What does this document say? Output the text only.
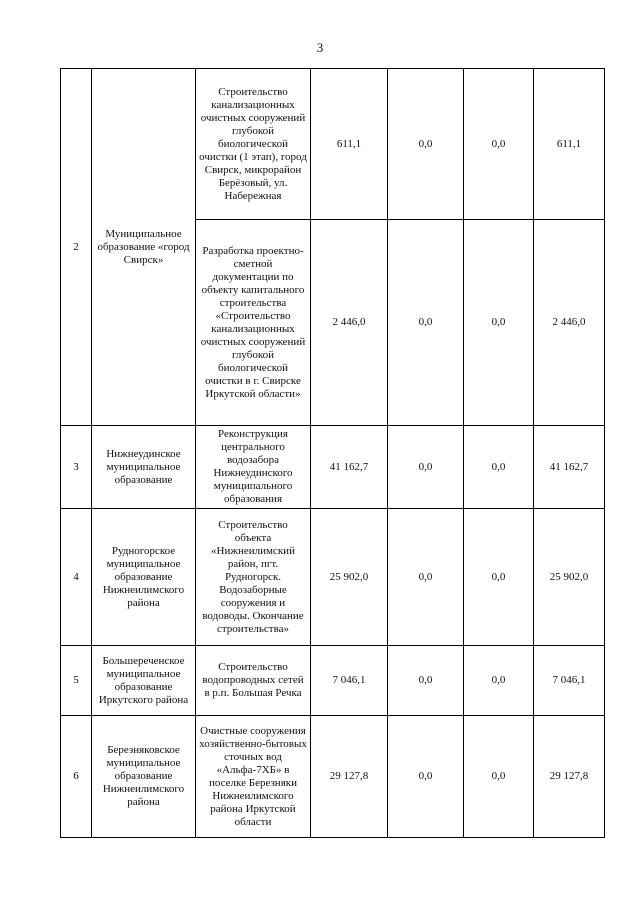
3
2	Муниципальное образование «город Свирск»	Строительство канализационных очистных сооружений глубокой биологической очистки (1 этап), город Свирск, микрорайон Берёзовый, ул. Набережная	611,1	0,0	0,0	611,1
		Разработка проектно-сметной документации по объекту капитального строительства «Строительство канализационных очистных сооружений глубокой биологической очистки в г. Свирске Иркутской области»	2 446,0	0,0	0,0	2 446,0
3	Нижнеудинское муниципальное образование	Реконструкция центрального водозабора Нижнеудинского муниципального образования	41 162,7	0,0	0,0	41 162,7
4	Рудногорское муниципальное образование Нижнеилимского района	Строительство объекта «Нижнеилимский район, пгт. Рудногорск. Водозаборные сооружения и водоводы. Окончание строительства»	25 902,0	0,0	0,0	25 902,0
5	Большереченское муниципальное образование Иркутского района	Строительство водопроводных сетей в р.п. Большая Речка	7 046,1	0,0	0,0	7 046,1
6	Березняковское муниципальное образование Нижнеилимского района	Очистные сооружения хозяйственно-бытовых сточных вод «Альфа-7ХБ» в поселке Березняки Нижнеилимского района Иркутской области	29 127,8	0,0	0,0	29 127,8
